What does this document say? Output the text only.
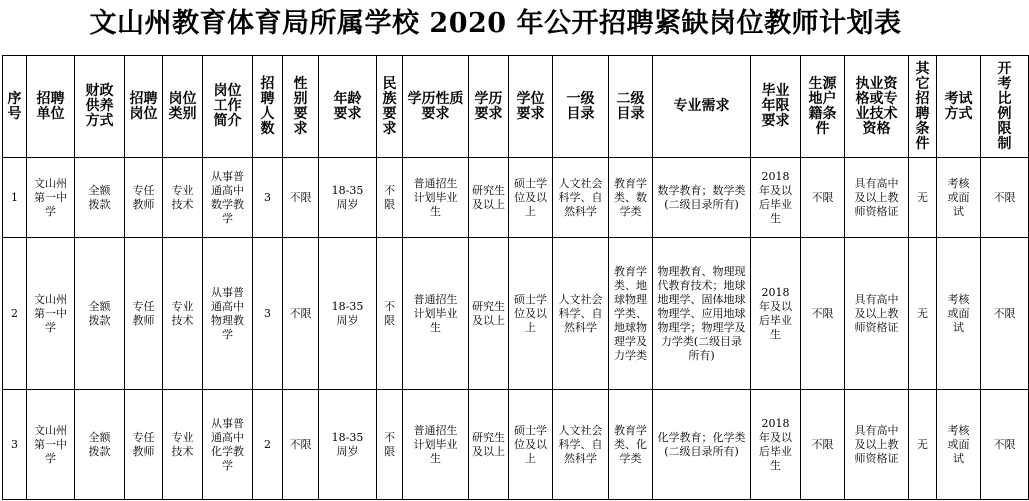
文山州教育体育局所属学校 2020 年公开招聘紧缺岗位教师计划表
序号	招聘单位	财政供养方式	招聘岗位	岗位类别	岗位工作简介	招聘人数	性别要求	年龄要求	民族要求	学历性质要求	学历要求	学位要求	一级目录	二级目录	专业需求	毕业年限要求	生源地户籍条件	执业资格或专业技术资格	其它招聘条件	考试方式	开考比例限制
1	文山州第一中学	全额拨款	专任教师	专业技术	从事普通高中数学教学	3	不限	18-35周岁	不限	普通招生计划毕业生	研究生及以上	硕士学位及以上	人文社会科学、自然科学	教育学类、数学类	数学教育；数学类(二级目录所有)	2018年及以后毕业生	不限	具有高中及以上教师资格证	无	考核或面试	不限
2	文山州第一中学	全额拨款	专任教师	专业技术	从事普通高中物理教学	3	不限	18-35周岁	不限	普通招生计划毕业生	研究生及以上	硕士学位及以上	人文社会科学、自然科学	教育学类、地球物理学类、地球物理学及力学类	物理教育、物理现代教育技术；地球地理学、固体地球物理学、应用地球物理学；物理学及力学类(二级目录所有)	2018年及以后毕业生	不限	具有高中及以上教师资格证	无	考核或面试	不限
3	文山州第一中学	全额拨款	专任教师	专业技术	从事普通高中化学教学	2	不限	18-35周岁	不限	普通招生计划毕业生	研究生及以上	硕士学位及以上	人文社会科学、自然科学	教育学类、化学类	化学教育；化学类(二级目录所有)	2018年及以后毕业生	不限	具有高中及以上教师资格证	无	考核或面试	不限
